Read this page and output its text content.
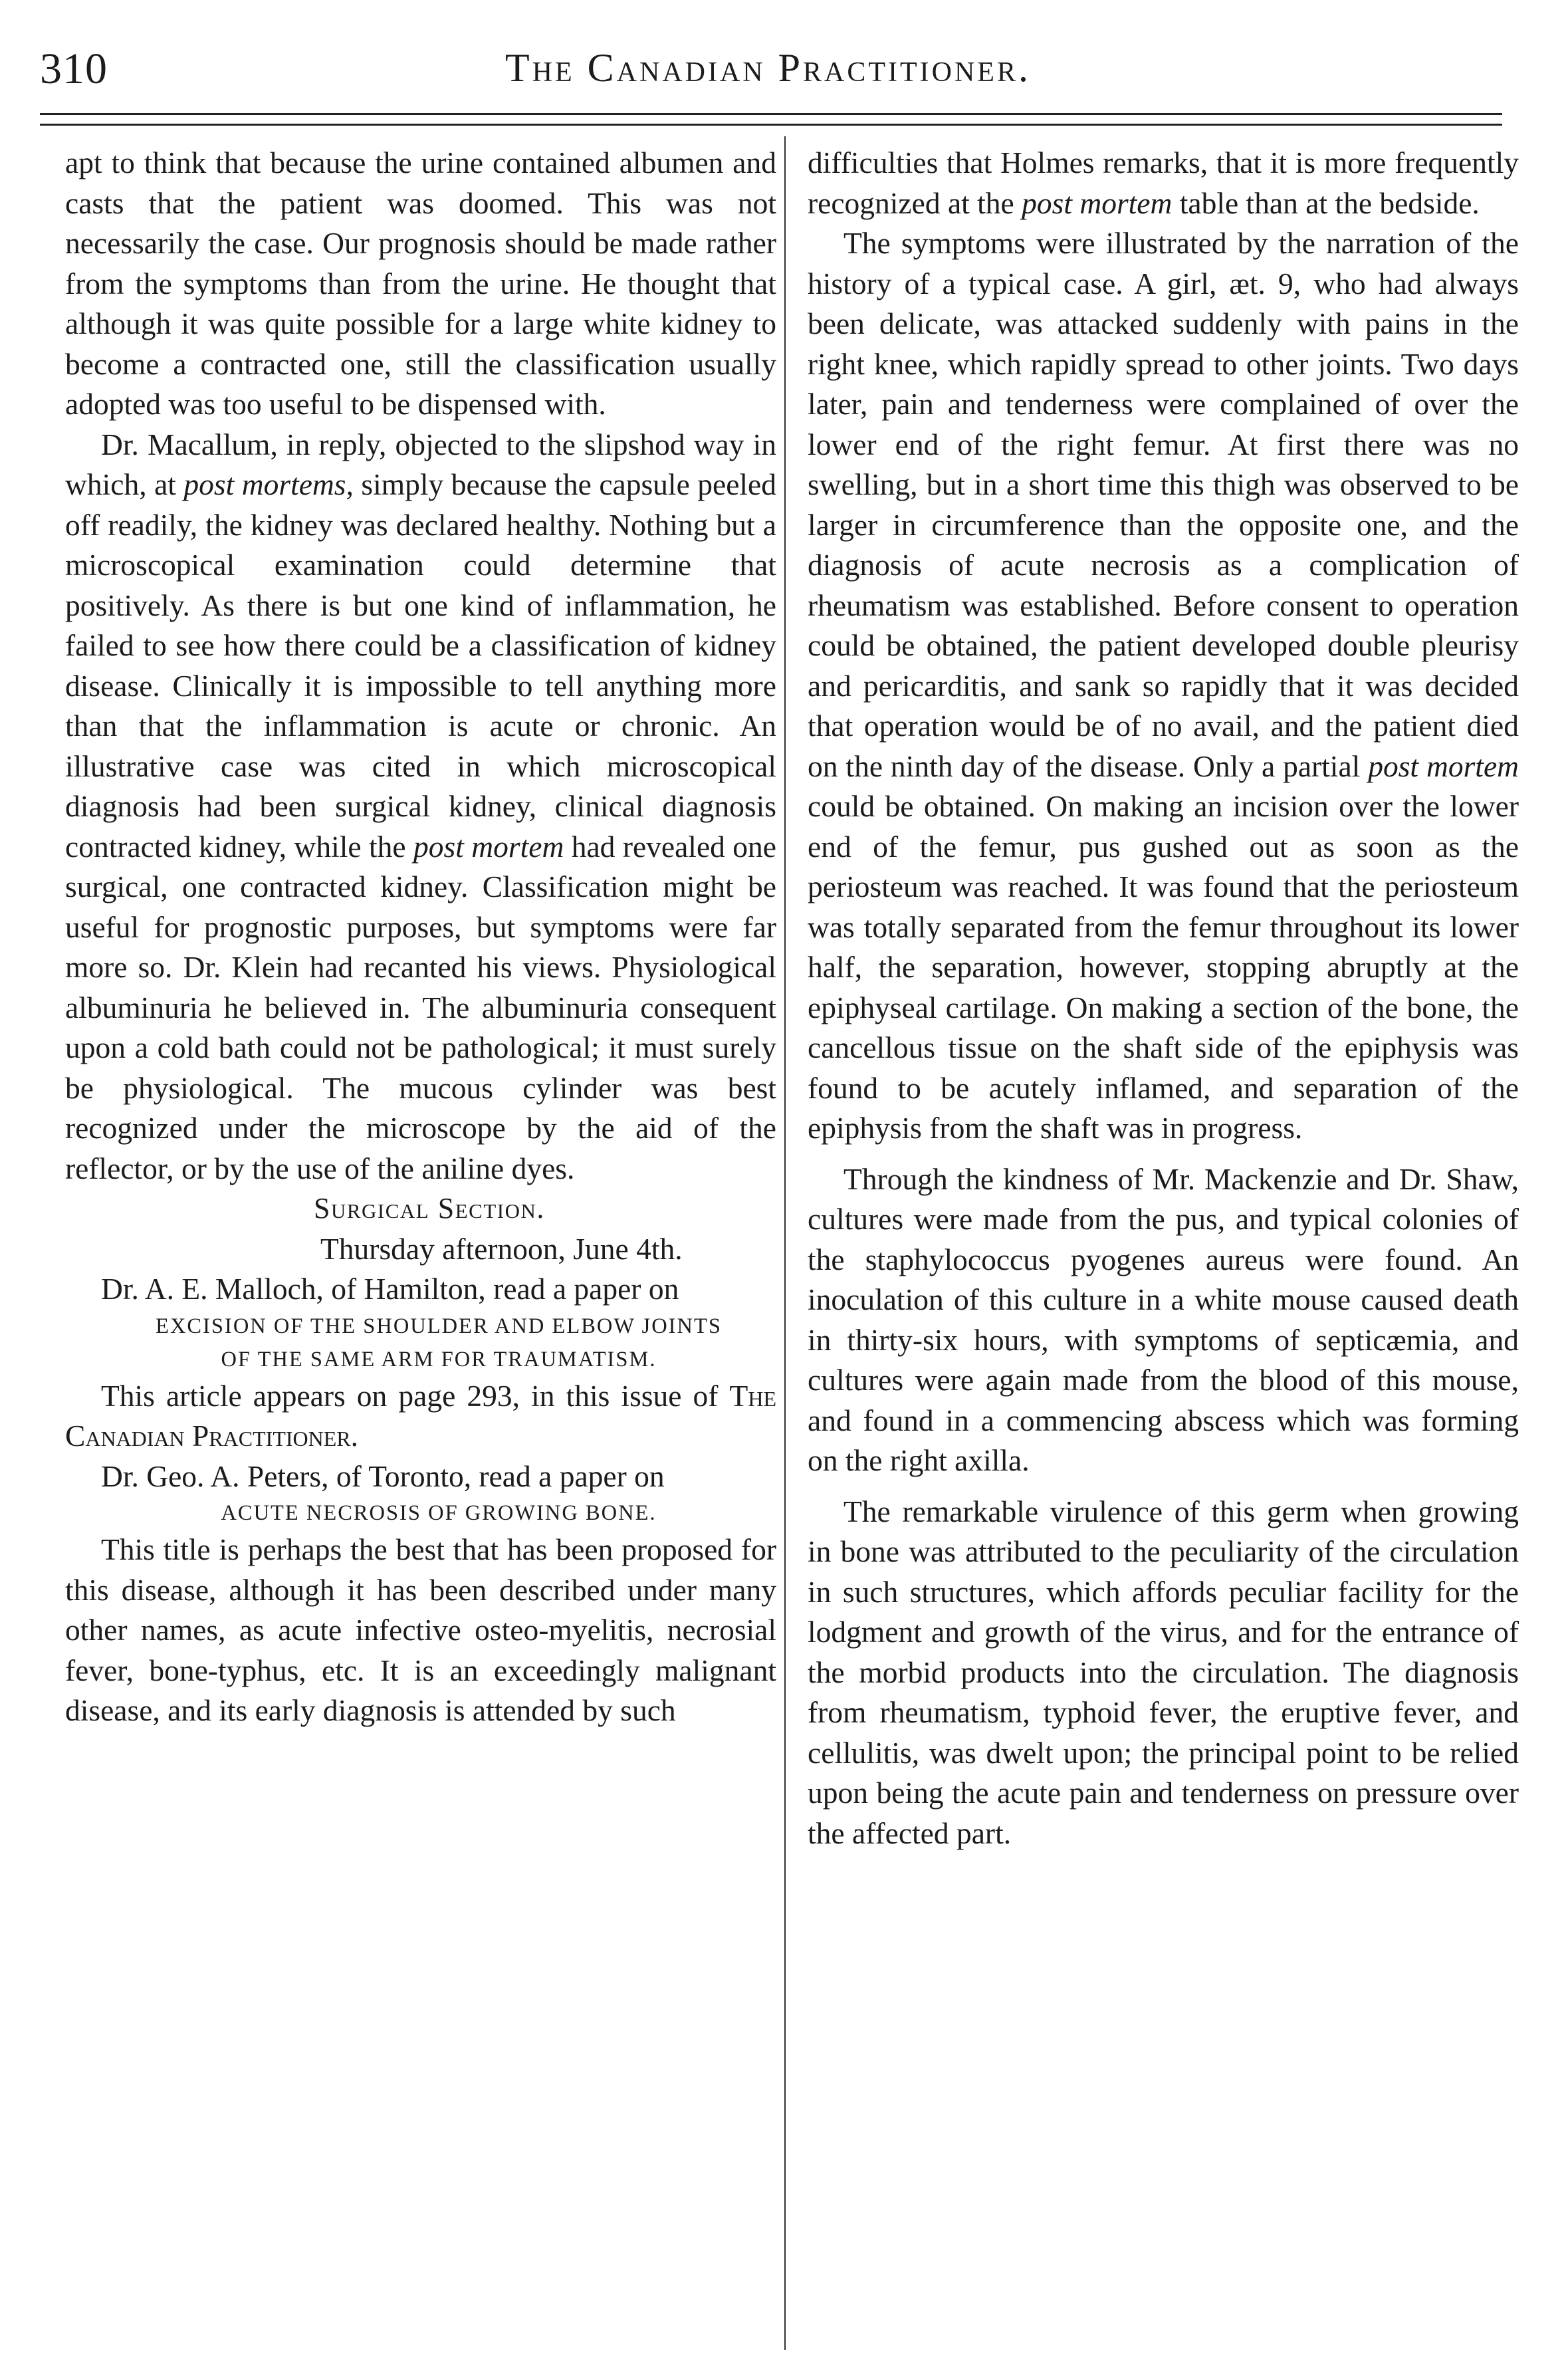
310	The Canadian Practitioner.

apt to think that because the urine contained albumen and casts that the patient was doomed. This was not necessarily the case. Our prognosis should be made rather from the symptoms than from the urine. He thought that although it was quite possible for a large white kidney to become a contracted one, still the classification usually adopted was too useful to be dispensed with.

Dr. Macallum, in reply, objected to the slipshod way in which, at post mortems, simply because the capsule peeled off readily, the kidney was declared healthy. Nothing but a microscopical examination could determine that positively. As there is but one kind of inflammation, he failed to see how there could be a classification of kidney disease. Clinically it is impossible to tell anything more than that the inflammation is acute or chronic. An illustrative case was cited in which microscopical diagnosis had been surgical kidney, clinical diagnosis contracted kidney, while the post mortem had revealed one surgical, one contracted kidney. Classification might be useful for prognostic purposes, but symptoms were far more so. Dr. Klein had recanted his views. Physiological albuminuria he believed in. The albuminuria consequent upon a cold bath could not be pathological; it must surely be physiological. The mucous cylinder was best recognized under the microscope by the aid of the reflector, or by the use of the aniline dyes.

Surgical Section.

Thursday afternoon, June 4th.

Dr. A. E. Malloch, of Hamilton, read a paper on

EXCISION OF THE SHOULDER AND ELBOW JOINTS
OF THE SAME ARM FOR TRAUMATISM.

This article appears on page 293, in this issue of The Canadian Practitioner.

Dr. Geo. A. Peters, of Toronto, read a paper on

ACUTE NECROSIS OF GROWING BONE.

This title is perhaps the best that has been proposed for this disease, although it has been described under many other names, as acute infective osteo-myelitis, necrosial fever, bone-typhus, etc. It is an exceedingly malignant disease, and its early diagnosis is attended by such

difficulties that Holmes remarks, that it is more frequently recognized at the post mortem table than at the bedside.

The symptoms were illustrated by the narration of the history of a typical case. A girl, æt. 9, who had always been delicate, was attacked suddenly with pains in the right knee, which rapidly spread to other joints. Two days later, pain and tenderness were complained of over the lower end of the right femur. At first there was no swelling, but in a short time this thigh was observed to be larger in circumference than the opposite one, and the diagnosis of acute necrosis as a complication of rheumatism was established. Before consent to operation could be obtained, the patient developed double pleurisy and pericarditis, and sank so rapidly that it was decided that operation would be of no avail, and the patient died on the ninth day of the disease. Only a partial post mortem could be obtained. On making an incision over the lower end of the femur, pus gushed out as soon as the periosteum was reached. It was found that the periosteum was totally separated from the femur throughout its lower half, the separation, however, stopping abruptly at the epiphyseal cartilage. On making a section of the bone, the cancellous tissue on the shaft side of the epiphysis was found to be acutely inflamed, and separation of the epiphysis from the shaft was in progress.

Through the kindness of Mr. Mackenzie and Dr. Shaw, cultures were made from the pus, and typical colonies of the staphylococcus pyogenes aureus were found. An inoculation of this culture in a white mouse caused death in thirty-six hours, with symptoms of septicæmia, and cultures were again made from the blood of this mouse, and found in a commencing abscess which was forming on the right axilla.

The remarkable virulence of this germ when growing in bone was attributed to the peculiarity of the circulation in such structures, which affords peculiar facility for the lodgment and growth of the virus, and for the entrance of the morbid products into the circulation. The diagnosis from rheumatism, typhoid fever, the eruptive fever, and cellulitis, was dwelt upon; the principal point to be relied upon being the acute pain and tenderness on pressure over the affected part.
